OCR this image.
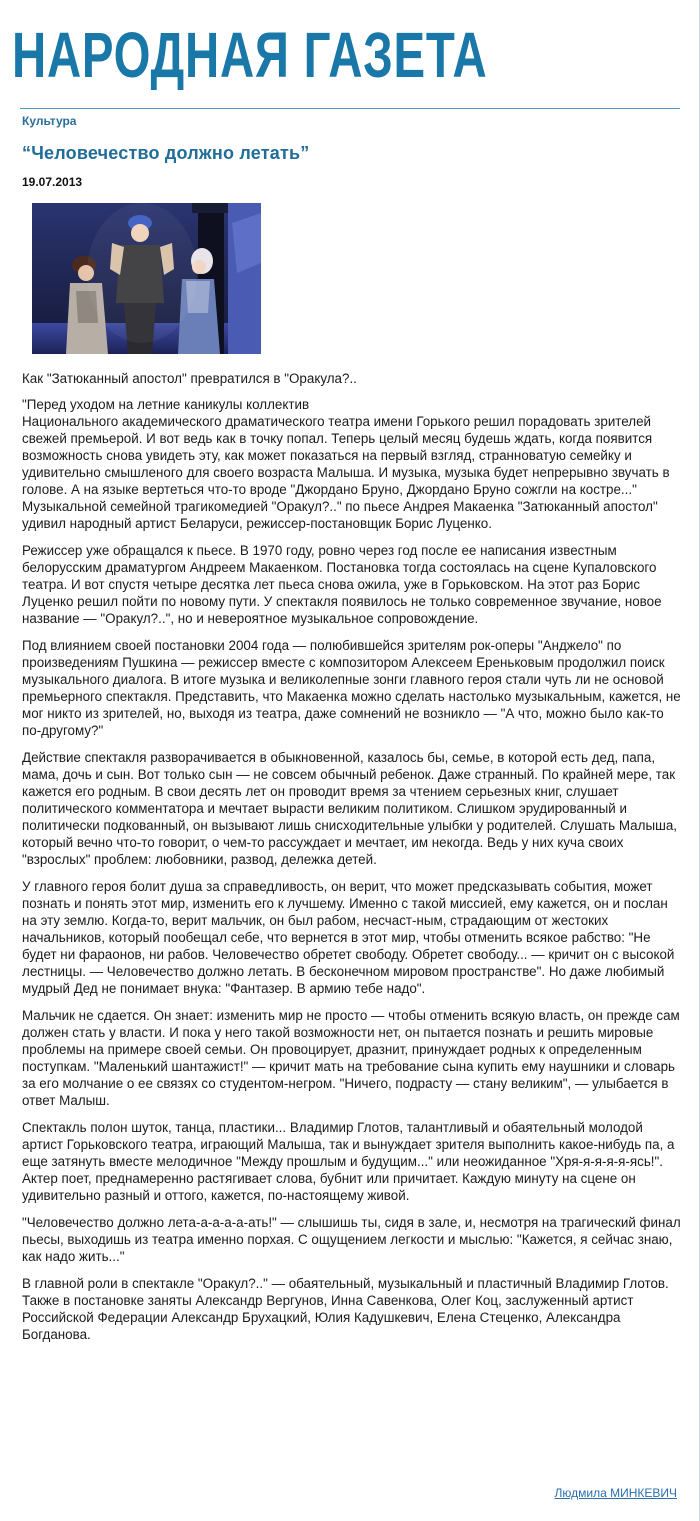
НАРОДНАЯ ГАЗЕТА
Культура
“Человечество должно летать”
19.07.2013

Как "Затюканный апостол" превратился в "Оракула?..

"Перед уходом на летние каникулы коллектив

Национального академического драматического театра имени Горького решил порадовать зрителей свежей премьерой. И вот ведь как в точку попал. Теперь целый месяц будешь ждать, когда появится возможность снова увидеть эту, как может показаться на первый взгляд, странноватую семейку и удивительно смышленого для своего возраста Малыша. И музыка, музыка будет непрерывно звучать в голове. А на языке вертеться что-то вроде "Джордано Бруно, Джордано Бруно сожгли на костре..." Музыкальной семейной трагикомедией "Оракул?.." по пьесе Андрея Макаенка "Затюканный апостол" удивил народный артист Беларуси, режиссер-постановщик Борис Луценко.

Режиссер уже обращался к пьесе. В 1970 году, ровно через год после ее написания известным белорусским драматургом Андреем Макаенком. Постановка тогда состоялась на сцене Купаловского театра. И вот спустя четыре десятка лет пьеса снова ожила, уже в Горьковском. На этот раз Борис Луценко решил пойти по новому пути. У спектакля появилось не только современное звучание, новое название — "Оракул?..", но и невероятное музыкальное сопровождение.

Под влиянием своей постановки 2004 года — полюбившейся зрителям рок-оперы "Анджело" по произведениям Пушкина — режиссер вместе с композитором Алексеем Еренькoвым продолжил поиск музыкального диалога. В итоге музыка и великолепные зонги главного героя стали чуть ли не основой премьерного спектакля. Представить, что Макаенка можно сделать настолько музыкальным, кажется, не мог никто из зрителей, но, выходя из театра, даже сомнений не возникло — "А что, можно было как-то по-другому?"

Действие спектакля разворачивается в обыкновенной, казалось бы, семье, в которой есть дед, папа, мама, дочь и сын. Вот только сын — не совсем обычный ребенок. Даже странный. По крайней мере, так кажется его родным. В свои десять лет он проводит время за чтением серьезных книг, слушает политического комментатора и мечтает вырасти великим политиком. Слишком эрудированный и политически подкованный, он вызывают лишь снисходительные улыбки у родителей. Слушать Малыша, который вечно что-то говорит, о чем-то рассуждает и мечтает, им некогда. Ведь у них куча своих "взрослых" проблем: любовники, развод, дележка детей.

У главного героя болит душа за справедливость, он верит, что может предсказывать события, может познать и понять этот мир, изменить его к лучшему. Именно с такой миссией, ему кажется, он и послан на эту землю. Когда-то, верит мальчик, он был рабом, несчаст-ным, страдающим от жестоких начальников, который пообещал себе, что вернется в этот мир, чтобы отменить всякое рабство: "Не будет ни фараонов, ни рабов. Человечество обретет свободу. Обретет свободу... — кричит он с высокой лестницы. — Человечество должно летать. В бесконечном мировом пространстве". Но даже любимый мудрый Дед не понимает внука: "Фантазер. В армию тебе надо".

Мальчик не сдается. Он знает: изменить мир не просто — чтобы отменить всякую власть, он прежде сам должен стать у власти. И пока у него такой возможности нет, он пытается познать и решить мировые проблемы на примере своей семьи. Он провоцирует, дразнит, принуждает родных к определенным поступкам. "Маленький шантажист!" — кричит мать на требование сына купить ему наушники и словарь за его молчание о ее связях со студентом-негром. "Ничего, подрасту — стану великим", — улыбается в ответ Малыш.

Спектакль полон шуток, танца, пластики... Владимир Глотов, талантливый и обаятельный молодой артист Горьковского театра, играющий Малыша, так и вынуждает зрителя выполнить какое-нибудь па, а еще затянуть вместе мелодичное "Между прошлым и будущим..." или неожиданное "Хря-я-я-я-я-ясь!". Актер поет, преднамеренно растягивает слова, бубнит или причитает. Каждую минуту на сцене он удивительно разный и оттого, кажется, по-настоящему живой.

"Человечество должно лета-а-а-а-а-ать!" — слышишь ты, сидя в зале, и, несмотря на трагический финал пьесы, выходишь из театра именно порхая. С ощущением легкости и мыслью: "Кажется, я сейчас знаю, как надо жить..."

В главной роли в спектакле "Оракул?.." — обаятельный, музыкальный и пластичный Владимир Глотов. Также в постановке заняты Александр Вергунов, Инна Савенкова, Олег Коц, заслуженный артист Российской Федерации Александр Брухацкий, Юлия Кадушкевич, Елена Стеценко, Александра Богданова.

Людмила МИНКЕВИЧ
